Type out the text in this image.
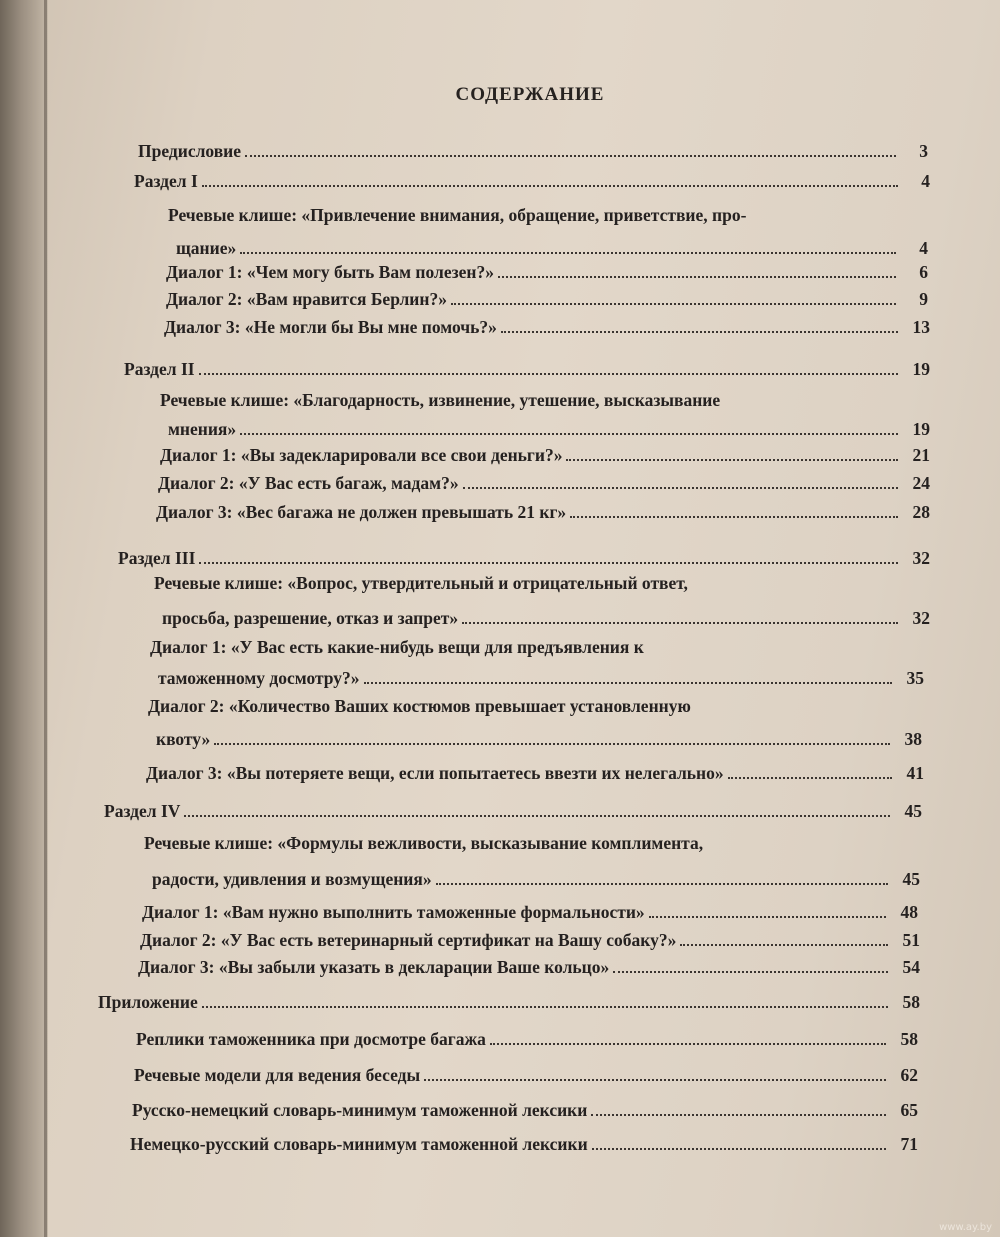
СОДЕРЖАНИЕ
Предисловие	3
Раздел I	4
Речевые клише: «Привлечение внимания, обращение, приветствие, про-
щание»	4
Диалог 1: «Чем могу быть Вам полезен?»	6
Диалог 2: «Вам нравится Берлин?»	9
Диалог 3: «Не могли бы Вы мне помочь?»	13
Раздел II	19
Речевые клише: «Благодарность, извинение, утешение, высказывание
мнения»	19
Диалог 1: «Вы задекларировали все свои деньги?»	21
Диалог 2: «У Вас есть багаж, мадам?»	24
Диалог 3: «Вес багажа не должен превышать 21 кг»	28
Раздел III	32
Речевые клише: «Вопрос, утвердительный и отрицательный ответ,
просьба, разрешение, отказ и запрет»	32
Диалог 1: «У Вас есть какие-нибудь вещи для предъявления к
таможенному досмотру?»	35
Диалог 2: «Количество Ваших костюмов превышает установленную
квоту»	38
Диалог 3: «Вы потеряете вещи, если попытаетесь ввезти их нелегально»	41
Раздел IV	45
Речевые клише: «Формулы вежливости, высказывание комплимента,
радости, удивления и возмущения»	45
Диалог 1: «Вам нужно выполнить таможенные формальности»	48
Диалог 2: «У Вас есть ветеринарный сертификат на Вашу собаку?»	51
Диалог 3: «Вы забыли указать в декларации Ваше кольцо»	54
Приложение	58
Реплики таможенника при досмотре багажа	58
Речевые модели для ведения беседы	62
Русско-немецкий словарь-минимум таможенной лексики	65
Немецко-русский словарь-минимум таможенной лексики	71
www.ay.by
